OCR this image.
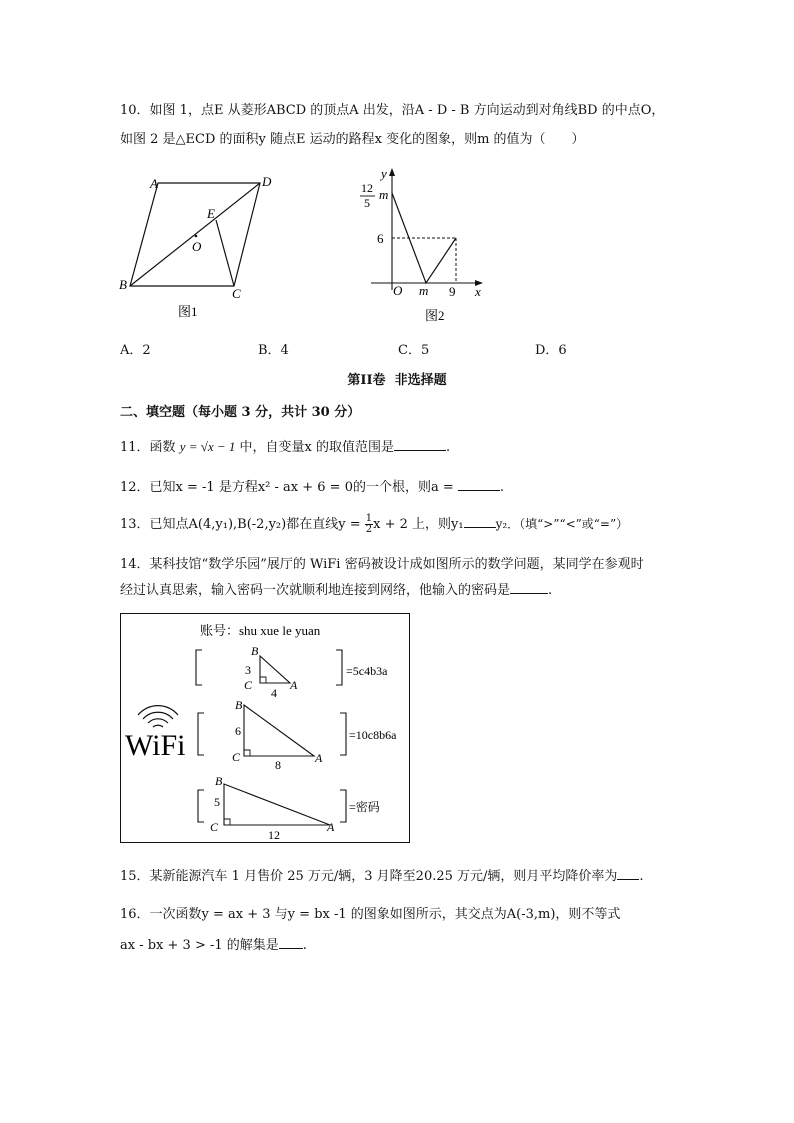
10．如图 1，点E 从菱形ABCD 的顶点A 出发，沿A - D - B 方向运动到对角线BD 的中点O，
如图 2 是△ECD 的面积y 随点E 运动的路程x 变化的图象，则m 的值为（　　）
A	D
B
C
E
O
图1
y
x
O m 9
6
12
5
m
图2
A．2	B．4	C．5	D．6
第II卷  非选择题
二、填空题（每小题 3 分，共计 30 分）
11．函数 y = √x − 1 中，自变量x 的取值范围是	.
12．已知x = -1 是方程x² - ax + 6 = 0的一个根，则a =	.
13．已知点A(4,y₁),B(-2,y₂)都在直线$y = \frac{1}{2}$ x + 2 上，则y₁	y₂．（填“>”“<”或“=”）
14．某科技馆“数学乐园”展厅的 WiFi 密码被设计成如图所示的数学问题，某同学在参观时
经过认真思索，输入密码一次就顺利地连接到网络，他输入的密码是	.
账号：shu xue le yuan
WiFi
B
3
C	A
4
=5c4b3a
B
6
C	A
8
=10c8b6a
B
5
C	A
12
=密码
15．某新能源汽车 1 月售价 25 万元/辆，3 月降至20.25 万元/辆，则月平均降价率为 .
16．一次函数y = ax + 3 与y = bx -1 的图象如图所示，其交点为A(-3,m)，则不等式
ax - bx + 3 > -1 的解集是 .
